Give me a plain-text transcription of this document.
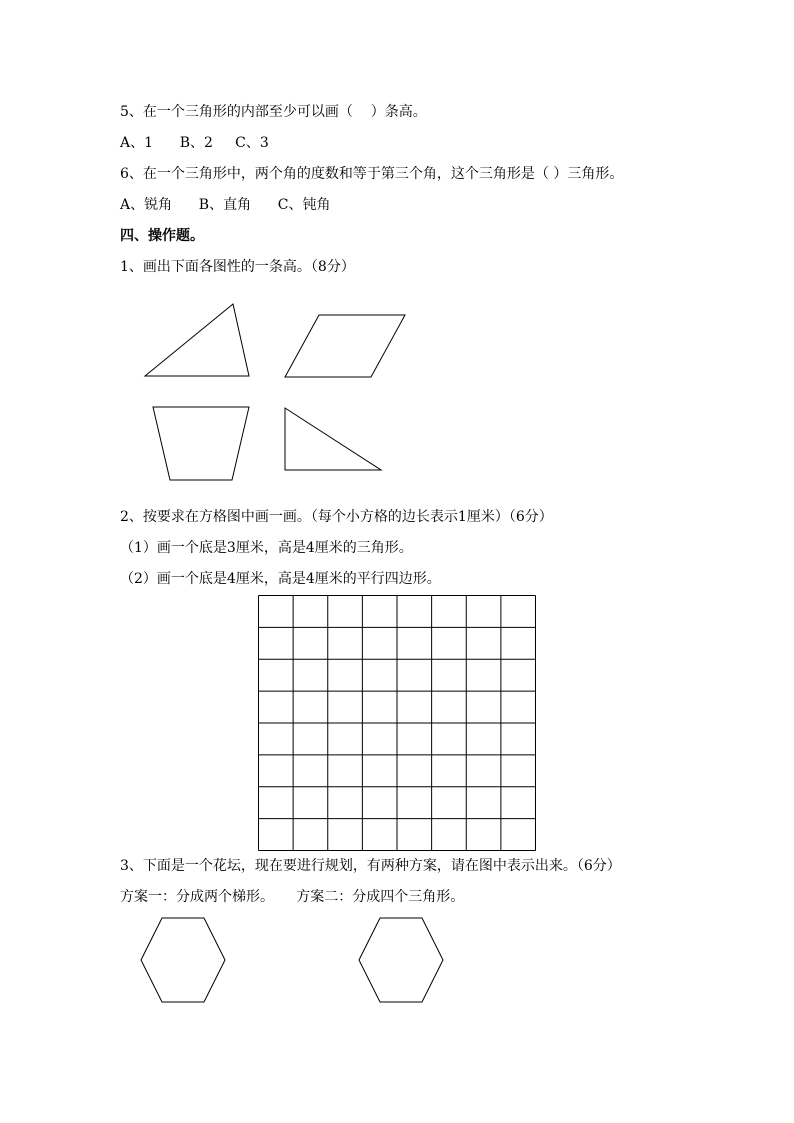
5、在一个三角形的内部至少可以画（    ）条高。
A、1      B、2     C、3
6、在一个三角形中，两个角的度数和等于第三个角，这个三角形是（ ）三角形。
A、锐角      B、直角      C、钝角
四、操作题。
1、画出下面各图性的一条高。（8分）
2、按要求在方格图中画一画。（每个小方格的边长表示1厘米）（6分）
（1）画一个底是3厘米，高是4厘米的三角形。
（2）画一个底是4厘米，高是4厘米的平行四边形。
3、下面是一个花坛，现在要进行规划，有两种方案，请在图中表示出来。（6分）
方案一：分成两个梯形。     方案二：分成四个三角形。
